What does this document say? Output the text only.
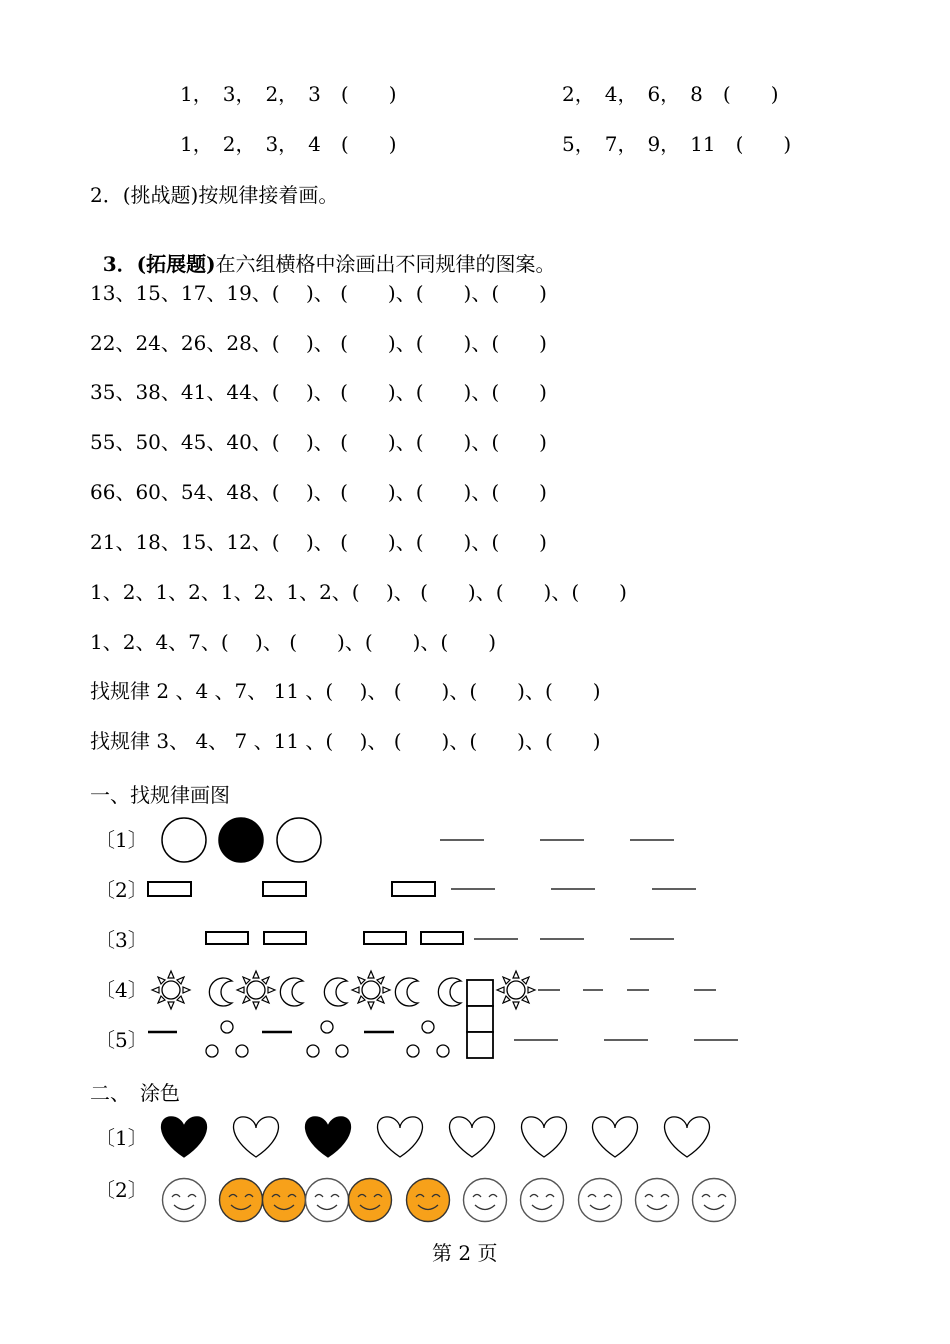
1，　3，　2，　3　(　　)	2，　4，　6，　8　(　　)
1，　2，　3，　4　(　　)	5，　7，　9，　11　(　　)
2．(挑战题)按规律接着画。

3．(拓展题)在六组横格中涂画出不同规律的图案。

13、15、17、19、(　 )、 (　　)、(　　)、(　　)
22、24、26、28、(　 )、 (　　)、(　　)、(　　)
35、38、41、44、(　 )、 (　　)、(　　)、(　　)
55、50、45、40、(　 )、 (　　)、(　　)、(　　)
66、60、54、48、(　 )、 (　　)、(　　)、(　　)
21、18、15、12、(　 )、 (　　)、(　　)、(　　)
1、2、1、2、1、2、1、2、(　 )、 (　　)、(　　)、(　　)
1、2、4、7、(　 )、 (　　)、(　　)、(　　)
找规律 2 、4 、7、 11 、(　 )、 (　　)、(　　)、(　　)
找规律 3、 4、 7 、11 、(　 )、 (　　)、(　　)、(　　)
一、找规律画图
〔1〕
〔2〕
〔3〕
〔4〕
〔5〕
二、　涂色
〔1〕
〔2〕
第 2 页
